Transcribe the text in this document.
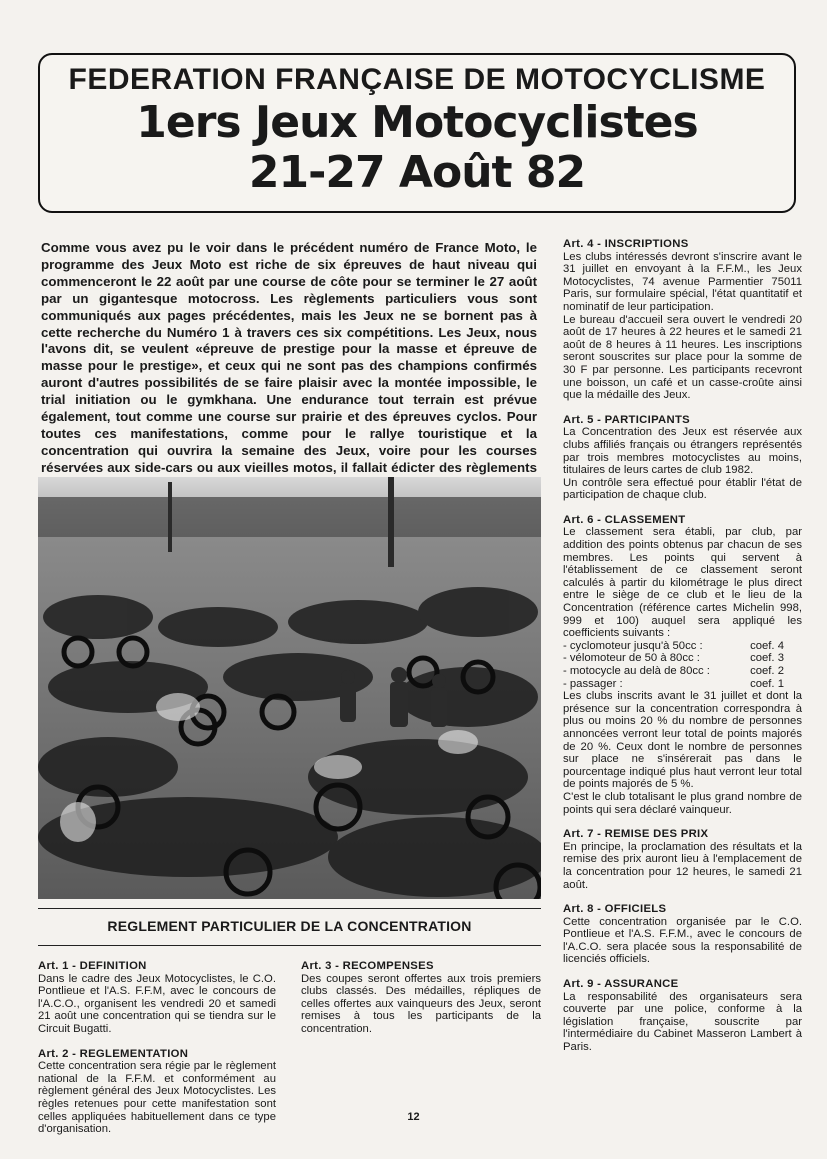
FEDERATION FRANÇAISE DE MOTOCYCLISME
1ers Jeux Motocyclistes
21-27 Août 82
Comme vous avez pu le voir dans le précédent numéro de France Moto, le programme des Jeux Moto est riche de six épreuves de haut niveau qui commenceront le 22 août par une course de côte pour se terminer le 27 août par un gigantesque motocross. Les règlements particuliers vous sont communiqués aux pages précédentes, mais les Jeux ne se bornent pas à cette recherche du Numéro 1 à travers ces six compétitions. Les Jeux, nous l'avons dit, se veulent «épreuve de prestige pour la masse et épreuve de masse pour le prestige», et ceux qui ne sont pas des champions confirmés auront d'autres possibilités de se faire plaisir avec la montée impossible, le trial initiation ou le gymkhana. Une endurance tout terrain est prévue également, tout comme une course sur prairie et des épreuves cyclos. Pour toutes ces manifestations, comme pour le rallye touristique et la concentration qui ouvrira la semaine des Jeux, voire pour les courses réservées aux side-cars ou aux vieilles motos, il fallait édicter des règlements
REGLEMENT PARTICULIER DE LA CONCENTRATION
Art. 1 - DEFINITION

Dans le cadre des Jeux Motocyclistes, le C.O. Pontlieue et l'A.S. F.F.M, avec le concours de l'A.C.O., organisent les vendredi 20 et samedi 21 août une concentration qui se tiendra sur le Circuit Bugatti.

Art. 2 - REGLEMENTATION

Cette concentration sera régie par le règlement national de la F.F.M. et conformément au règlement général des Jeux Motocyclistes. Les règles retenues pour cette manifestation sont celles appliquées habituellement dans ce type d'organisation.

Art. 3 - RECOMPENSES

Des coupes seront offertes aux trois premiers clubs classés. Des médailles, répliques de celles offertes aux vainqueurs des Jeux, seront remises à tous les participants de la concentration.

Art. 4 - INSCRIPTIONS

Les clubs intéressés devront s'inscrire avant le 31 juillet en envoyant à la F.F.M., les Jeux Motocyclistes, 74 avenue Parmentier 75011 Paris, sur formulaire spécial, l'état quantitatif et nominatif de leur participation.

Le bureau d'accueil sera ouvert le vendredi 20 août de 17 heures à 22 heures et le samedi 21 août de 8 heures à 11 heures. Les inscriptions seront souscrites sur place pour la somme de 30 F par personne. Les participants recevront une boisson, un café et un casse-croûte ainsi que la médaille des Jeux.

Art. 5 - PARTICIPANTS

La Concentration des Jeux est réservée aux clubs affiliés français ou étrangers représentés par trois membres motocyclistes au moins, titulaires de leurs cartes de club 1982.

Un contrôle sera effectué pour établir l'état de participation de chaque club.

Art. 6 - CLASSEMENT

Le classement sera établi, par club, par addition des points obtenus par chacun de ses membres. Les points qui servent à l'établissement de ce classement seront calculés à partir du kilométrage le plus direct entre le siège de ce club et le lieu de la Concentration (référence cartes Michelin 998, 999 et 100) auquel sera appliqué les coefficients suivants :

- cyclomoteur jusqu'à 50cc :	coef. 4
- vélomoteur de 50 à 80cc :	coef. 3
- motocycle au delà de 80cc :	coef. 2
- passager :	coef. 1

Les clubs inscrits avant le 31 juillet et dont la présence sur la concentration correspondra à plus ou moins 20 % du nombre de personnes annoncées verront leur total de points majorés de 20 %. Ceux dont le nombre de personnes sur place ne s'insérerait pas dans le pourcentage indiqué plus haut verront leur total de points majorés de 5 %.

C'est le club totalisant le plus grand nombre de points qui sera déclaré vainqueur.

Art. 7 - REMISE DES PRIX

En principe, la proclamation des résultats et la remise des prix auront lieu à l'emplacement de la concentration pour 12 heures, le samedi 21 août.

Art. 8 - OFFICIELS

Cette concentration organisée par le C.O. Pontlieue et l'A.S. F.F.M., avec le concours de l'A.C.O. sera placée sous la responsabilité de licenciés officiels.

Art. 9 - ASSURANCE

La responsabilité des organisateurs sera couverte par une police, conforme à la législation française, souscrite par l'intermédiaire du Cabinet Masseron Lambert à Paris.

12
